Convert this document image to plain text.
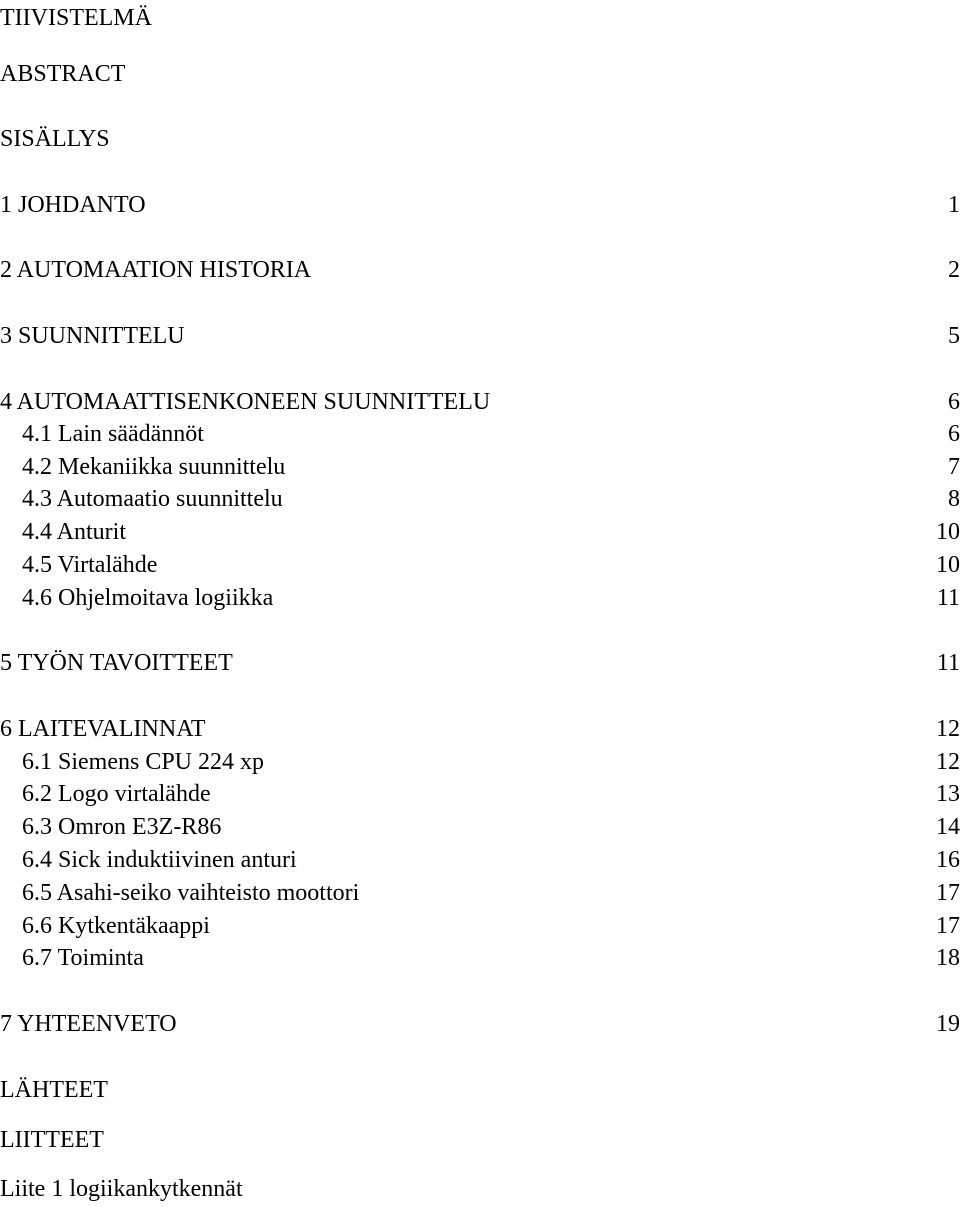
TIIVISTELMÄ
ABSTRACT
SISÄLLYS
1 JOHDANTO	1
2 AUTOMAATION HISTORIA	2
3 SUUNNITTELU	5
4 AUTOMAATTISENKONEEN SUUNNITTELU	6
4.1 Lain säädännöt	6
4.2 Mekaniikka suunnittelu	7
4.3 Automaatio suunnittelu	8
4.4 Anturit	10
4.5 Virtalähde	10
4.6 Ohjelmoitava logiikka	11
5 TYÖN TAVOITTEET	11
6 LAITEVALINNAT	12
6.1 Siemens CPU 224 xp	12
6.2 Logo virtalähde	13
6.3 Omron E3Z-R86	14
6.4 Sick induktiivinen anturi	16
6.5 Asahi-seiko vaihteisto moottori	17
6.6 Kytkentäkaappi	17
6.7 Toiminta	18
7 YHTEENVETO	19
LÄHTEET
LIITTEET
Liite 1 logiikankytkennät
